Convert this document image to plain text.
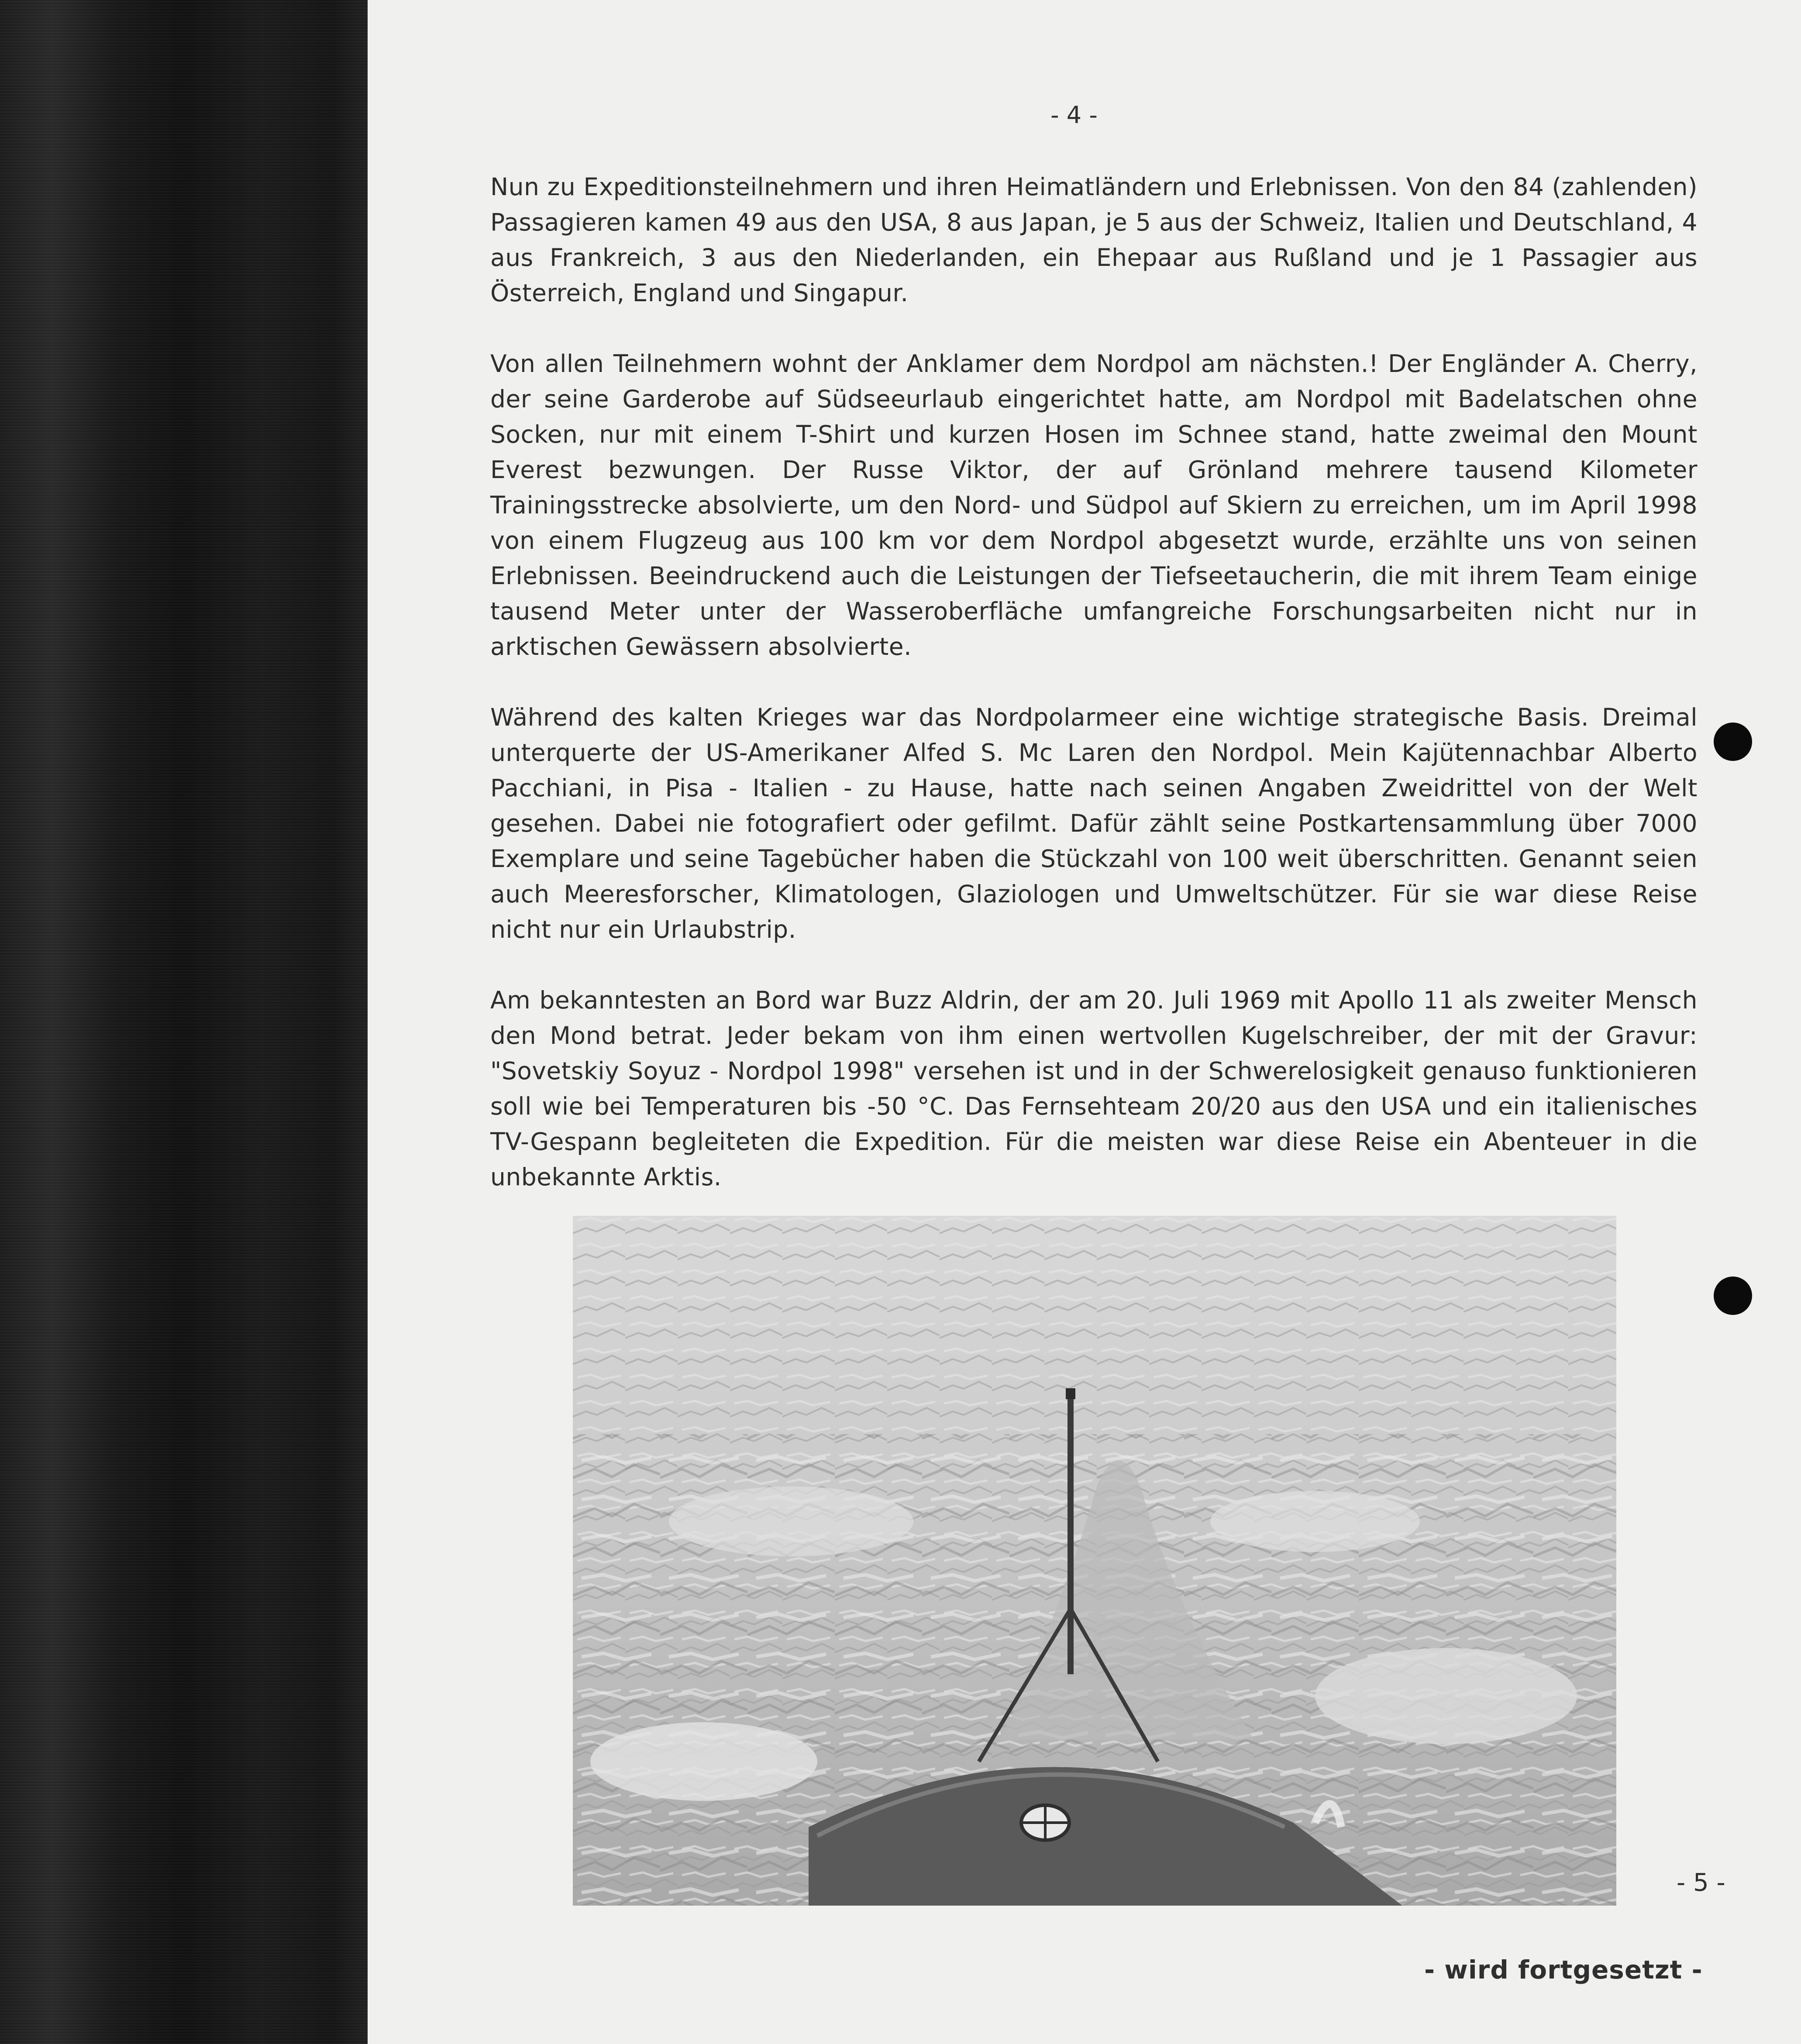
- 4 -

Nun zu Expeditionsteilnehmern und ihren Heimatländern und Erlebnissen. Von den 84 (zahlenden) Passagieren kamen 49 aus den USA, 8 aus Japan, je 5 aus der Schweiz, Italien und Deutschland, 4 aus Frankreich, 3 aus den Niederlanden, ein Ehepaar aus Rußland und je 1 Passagier aus Österreich, England und Singapur.

Von allen Teilnehmern wohnt der Anklamer dem Nordpol am nächsten.! Der Engländer A. Cherry, der seine Garderobe auf Südseeurlaub eingerichtet hatte, am Nordpol mit Badelatschen ohne Socken, nur mit einem T-Shirt und kurzen Hosen im Schnee stand, hatte zweimal den Mount Everest bezwungen. Der Russe Viktor, der auf Grönland mehrere tausend Kilometer Trainingsstrecke absolvierte, um den Nord- und Südpol auf Skiern zu erreichen, um im April 1998 von einem Flugzeug aus 100 km vor dem Nordpol abgesetzt wurde, erzählte uns von seinen Erlebnissen. Beeindruckend auch die Leistungen der Tiefseetaucherin, die mit ihrem Team einige tausend Meter unter der Wasseroberfläche umfangreiche Forschungsarbeiten nicht nur in arktischen Gewässern absolvierte.

Während des kalten Krieges war das Nordpolarmeer eine wichtige strategische Basis. Dreimal unterquerte der US-Amerikaner Alfed S. Mc Laren den Nordpol. Mein Kajütennachbar Alberto Pacchiani, in Pisa - Italien - zu Hause, hatte nach seinen Angaben Zweidrittel von der Welt gesehen. Dabei nie fotografiert oder gefilmt. Dafür zählt seine Postkartensammlung über 7000 Exemplare und seine Tagebücher haben die Stückzahl von 100 weit überschritten. Genannt seien auch Meeresforscher, Klimatologen, Glaziologen und Umweltschützer. Für sie war diese Reise nicht nur ein Urlaubstrip.

Am bekanntesten an Bord war Buzz Aldrin, der am 20. Juli 1969 mit Apollo 11 als zweiter Mensch den Mond betrat. Jeder bekam von ihm einen wertvollen Kugelschreiber, der mit der Gravur: "Sovetskiy Soyuz - Nordpol 1998" versehen ist und in der Schwerelosigkeit genauso funktionieren soll wie bei Temperaturen bis -50 °C. Das Fernsehteam 20/20 aus den USA und ein italienisches TV-Gespann begleiteten die Expedition. Für die meisten war diese Reise ein Abenteuer in die unbekannte Arktis.

- 5 -

- wird fortgesetzt -
